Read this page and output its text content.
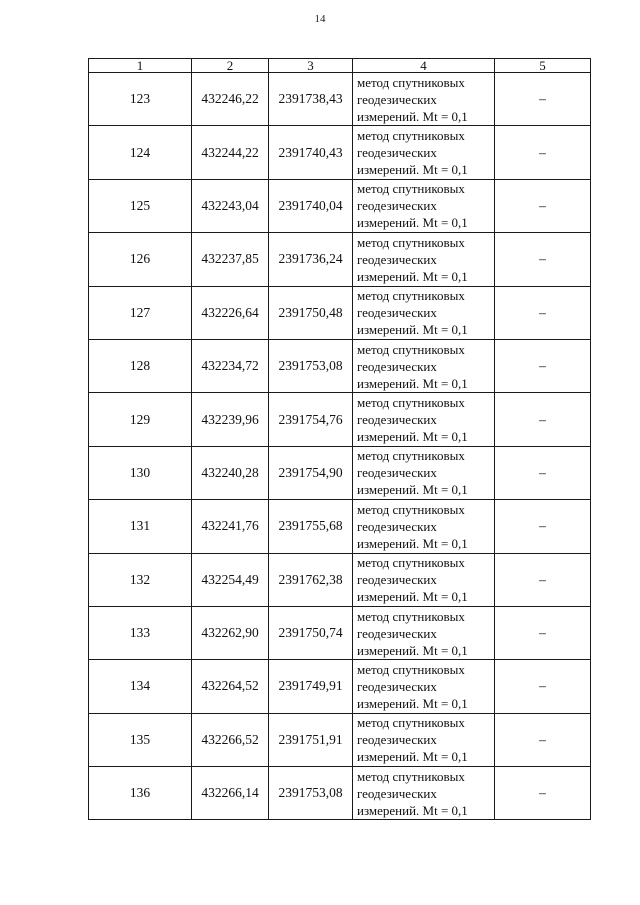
14
1	2	3	4	5
123	432246,22	2391738,43	метод спутниковых
геодезических
измерений. Mt = 0,1	–
124	432244,22	2391740,43	метод спутниковых
геодезических
измерений. Mt = 0,1	–
125	432243,04	2391740,04	метод спутниковых
геодезических
измерений. Mt = 0,1	–
126	432237,85	2391736,24	метод спутниковых
геодезических
измерений. Mt = 0,1	–
127	432226,64	2391750,48	метод спутниковых
геодезических
измерений. Mt = 0,1	–
128	432234,72	2391753,08	метод спутниковых
геодезических
измерений. Mt = 0,1	–
129	432239,96	2391754,76	метод спутниковых
геодезических
измерений. Mt = 0,1	–
130	432240,28	2391754,90	метод спутниковых
геодезических
измерений. Mt = 0,1	–
131	432241,76	2391755,68	метод спутниковых
геодезических
измерений. Mt = 0,1	–
132	432254,49	2391762,38	метод спутниковых
геодезических
измерений. Mt = 0,1	–
133	432262,90	2391750,74	метод спутниковых
геодезических
измерений. Mt = 0,1	–
134	432264,52	2391749,91	метод спутниковых
геодезических
измерений. Mt = 0,1	–
135	432266,52	2391751,91	метод спутниковых
геодезических
измерений. Mt = 0,1	–
136	432266,14	2391753,08	метод спутниковых
геодезических
измерений. Mt = 0,1	–
